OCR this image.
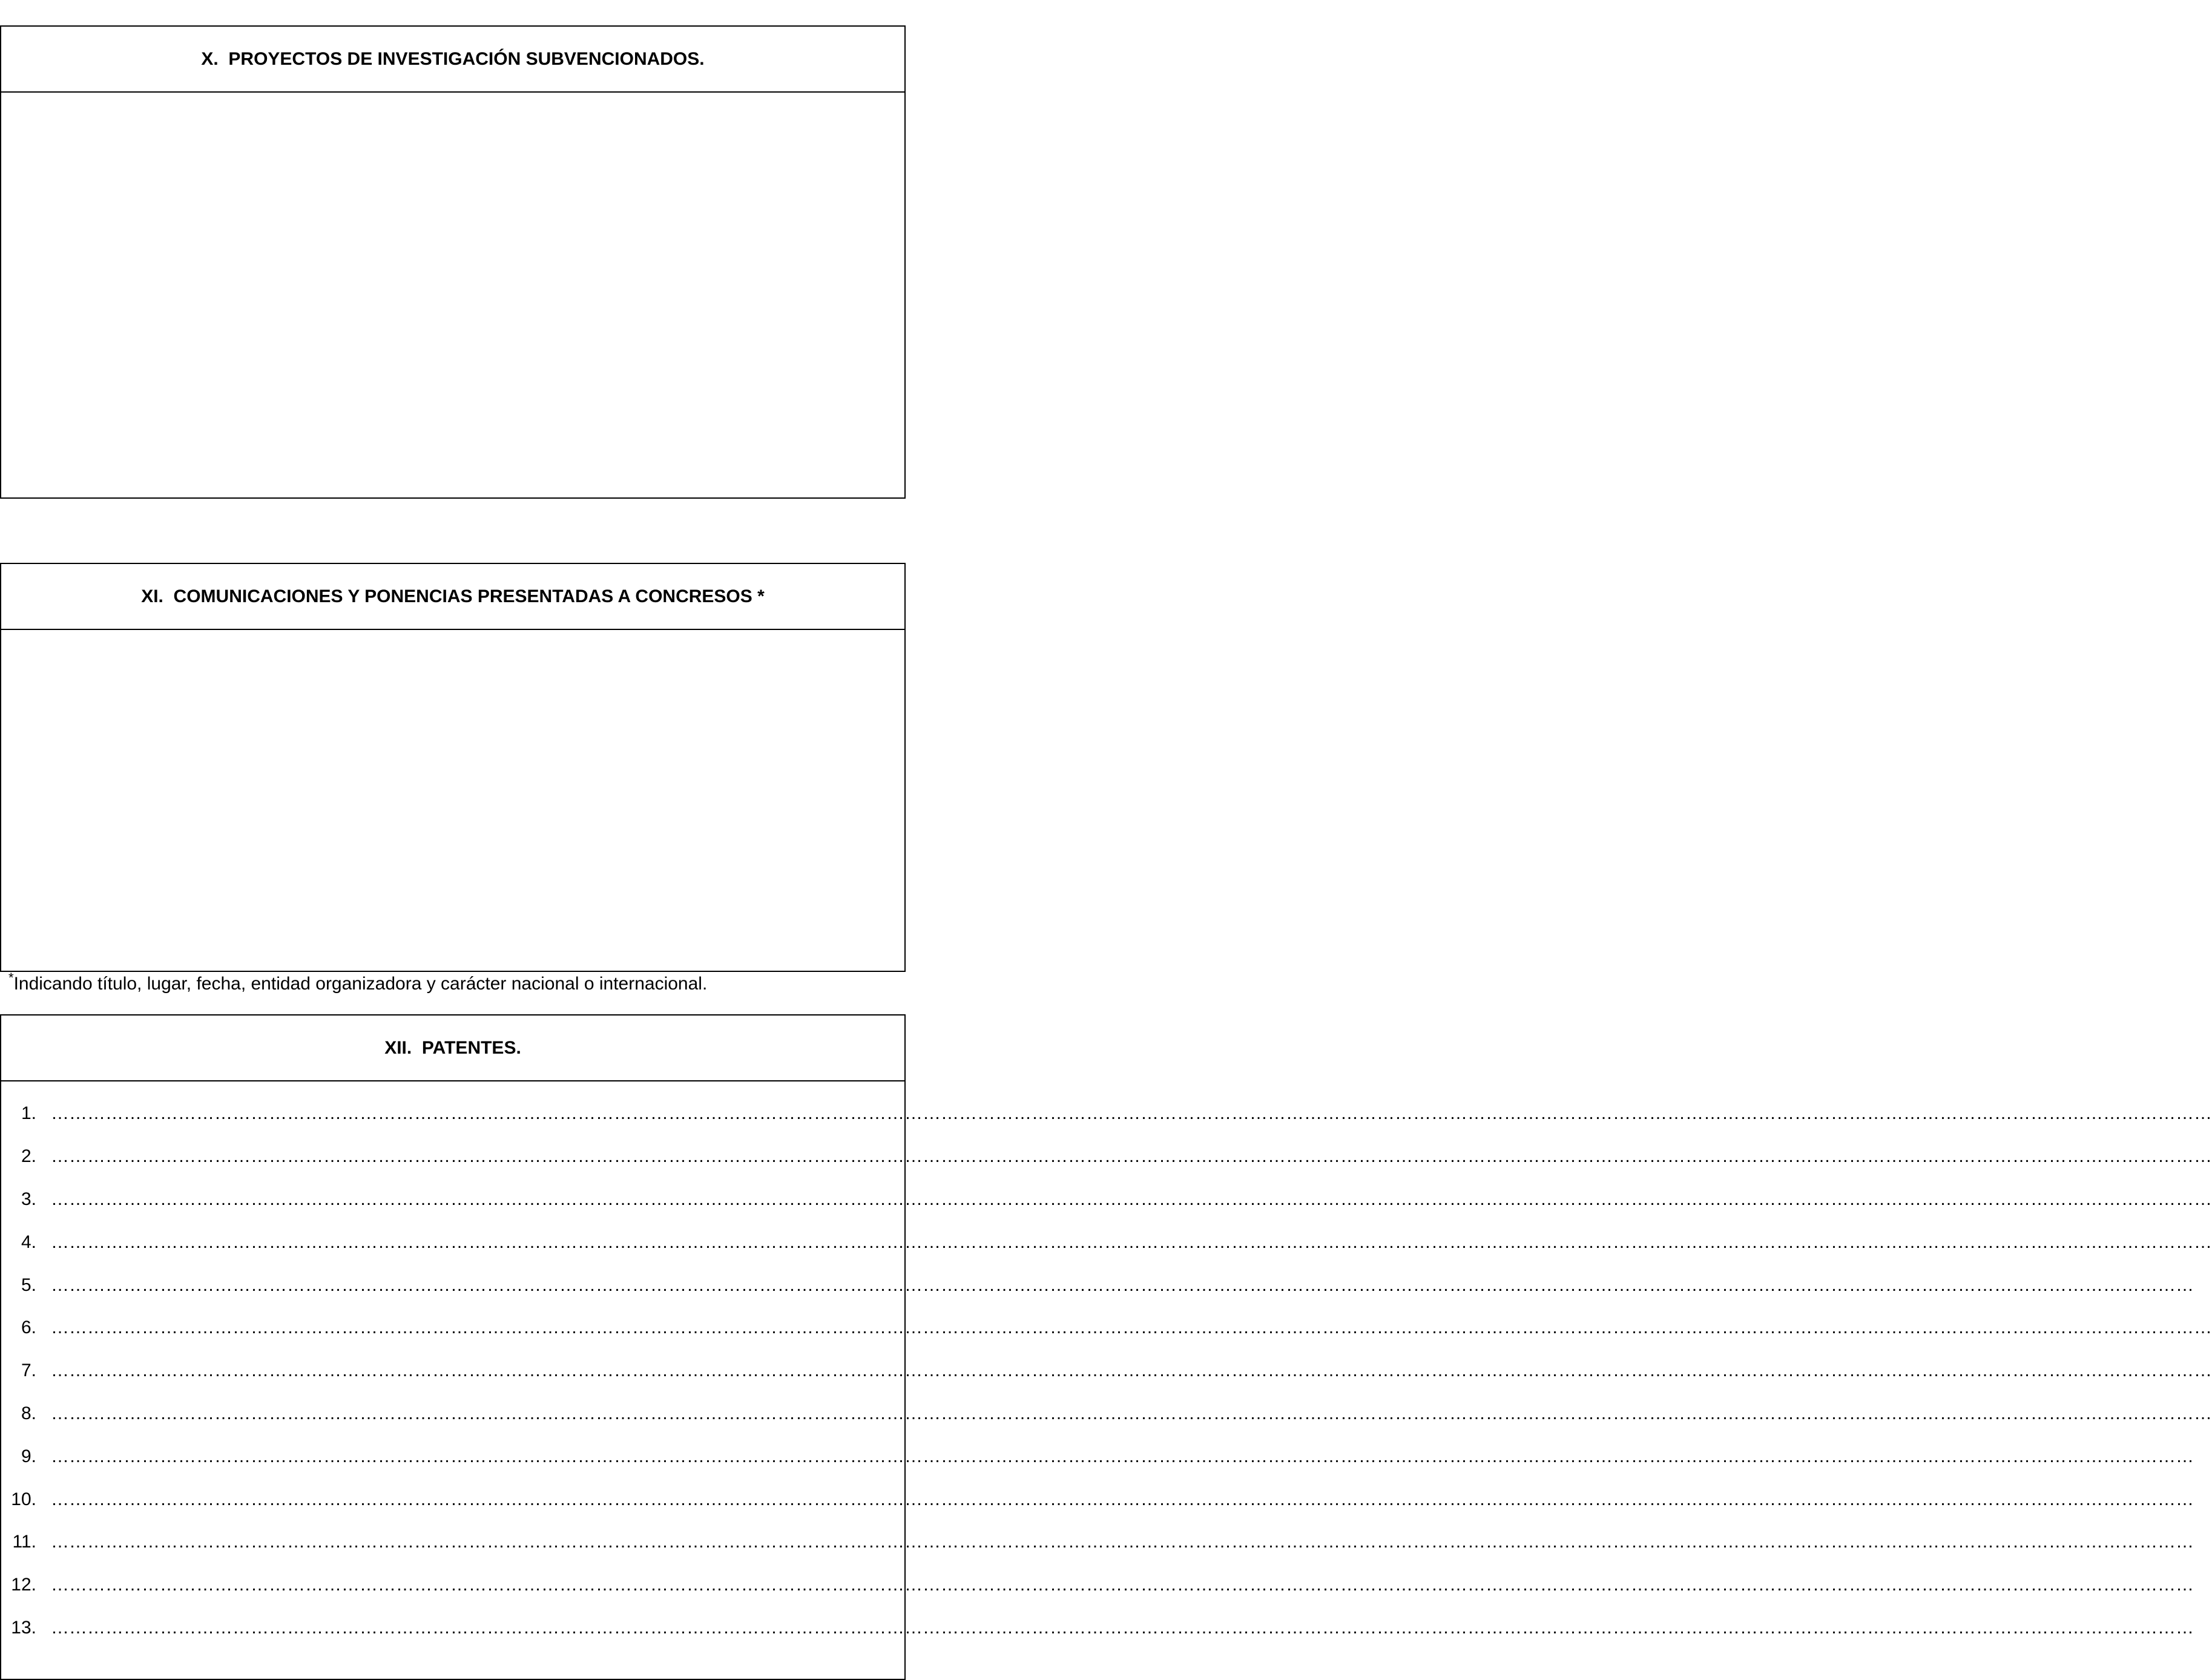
X.  PROYECTOS DE INVESTIGACIÓN SUBVENCIONADOS.
XI.  COMUNICACIONES Y PONENCIAS PRESENTADAS A CONCRESOS *
*Indicando título, lugar, fecha, entidad organizadora y carácter nacional o internacional.
XII.  PATENTES.
1. ……………………………………………………………………………………………………………………………………………………………………………………………………………………………………………………………………………………………………………………………
2. ……………………………………………………………………………………………………………………………………………………………………………………………………………………………………………………………………………………………………………………………
3. ……………………………………………………………………………………………………………………………………………………………………………………………………………………………………………………………………………………………………………………………
4. ……………………………………………………………………………………………………………………………………………………………………………………………………………………………………………………………………………………………………………………………
5. …………………………………………………………………………………………………………………………………………………………………………………………………………………………………………………………………………………………………………………………
6. ……………………………………………………………………………………………………………………………………………………………………………………………………………………………………………………………………………………………………………………………
7. ……………………………………………………………………………………………………………………………………………………………………………………………………………………………………………………………………………………………………………………………
8. ……………………………………………………………………………………………………………………………………………………………………………………………………………………………………………………………………………………………………………………………
9. …………………………………………………………………………………………………………………………………………………………………………………………………………………………………………………………………………………………………………………………
10. …………………………………………………………………………………………………………………………………………………………………………………………………………………………………………………………………………………………………………………………
11. …………………………………………………………………………………………………………………………………………………………………………………………………………………………………………………………………………………………………………………………
12. …………………………………………………………………………………………………………………………………………………………………………………………………………………………………………………………………………………………………………………………
13. …………………………………………………………………………………………………………………………………………………………………………………………………………………………………………………………………………………………………………………………
